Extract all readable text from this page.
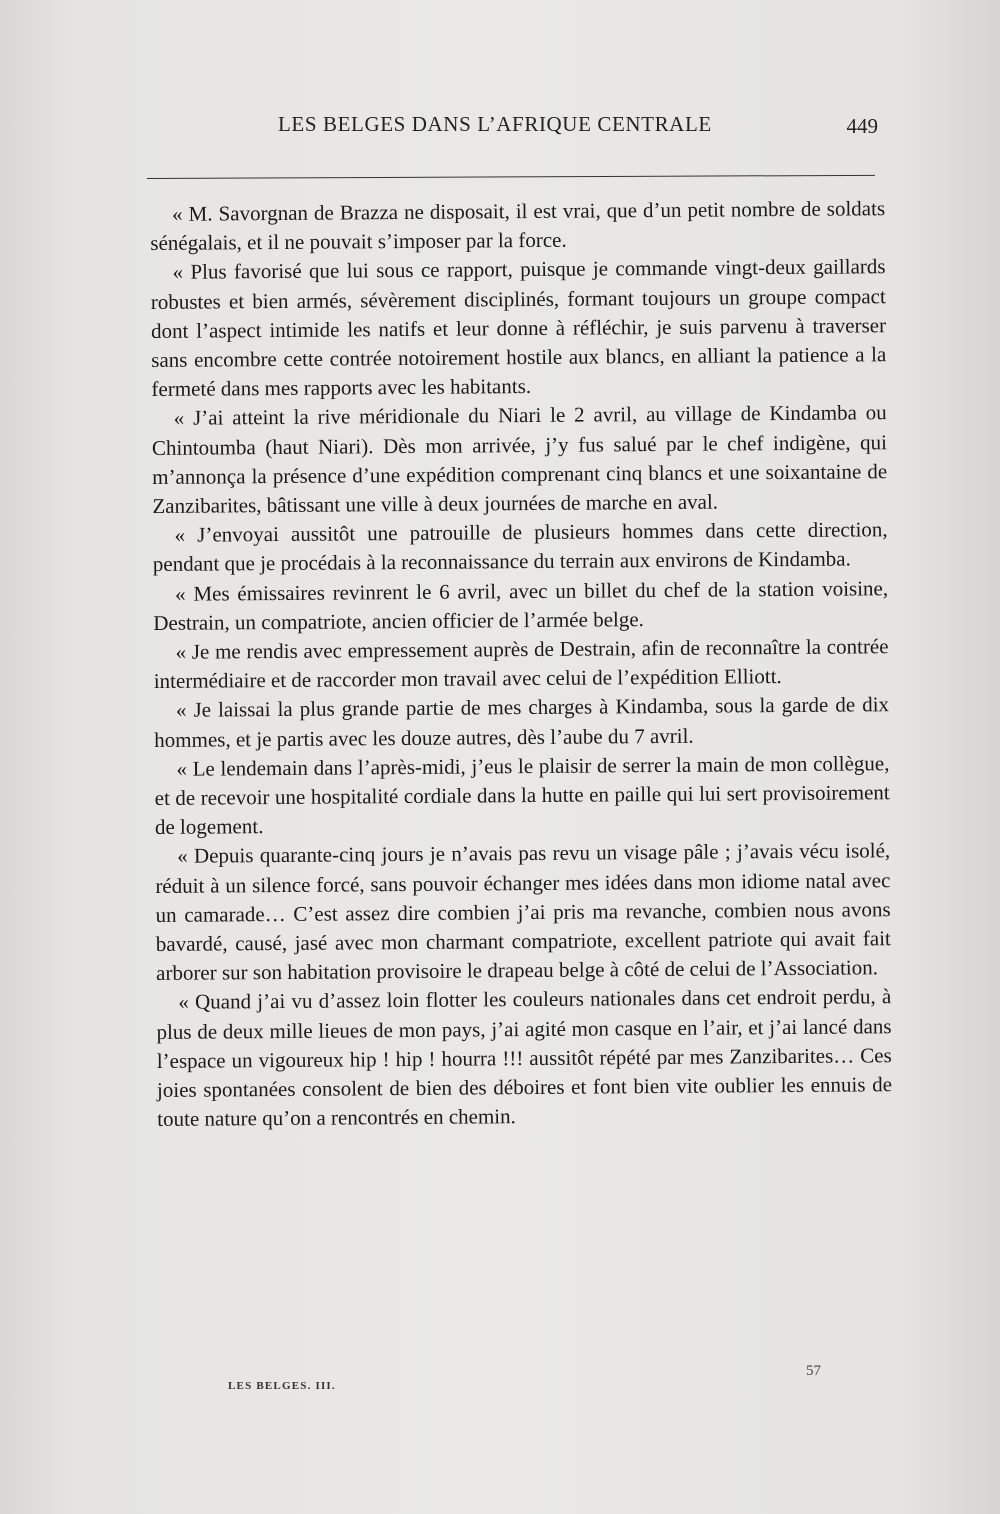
LES BELGES DANS L’AFRIQUE CENTRALE	449

« M. Savorgnan de Brazza ne disposait, il est vrai, que d’un petit nombre de soldats sénégalais, et il ne pouvait s’imposer par la force.

« Plus favorisé que lui sous ce rapport, puisque je commande vingt-deux gaillards robustes et bien armés, sévèrement disciplinés, formant toujours un groupe compact dont l’aspect intimide les natifs et leur donne à réfléchir, je suis parvenu à traverser sans encombre cette contrée notoirement hostile aux blancs, en alliant la patience a la fermeté dans mes rapports avec les habitants.

« J’ai atteint la rive méridionale du Niari le 2 avril, au village de Kindamba ou Chintoumba (haut Niari). Dès mon arrivée, j’y fus salué par le chef indigène, qui m’annonça la présence d’une expédition comprenant cinq blancs et une soixantaine de Zanzibarites, bâtissant une ville à deux journées de marche en aval.

« J’envoyai aussitôt une patrouille de plusieurs hommes dans cette direction, pendant que je procédais à la reconnaissance du terrain aux environs de Kindamba.

« Mes émissaires revinrent le 6 avril, avec un billet du chef de la station voisine, Destrain, un compatriote, ancien officier de l’armée belge.

« Je me rendis avec empressement auprès de Destrain, afin de reconnaître la contrée intermédiaire et de raccorder mon travail avec celui de l’expédition Elliott.

« Je laissai la plus grande partie de mes charges à Kindamba, sous la garde de dix hommes, et je partis avec les douze autres, dès l’aube du 7 avril.

« Le lendemain dans l’après-midi, j’eus le plaisir de serrer la main de mon collègue, et de recevoir une hospitalité cordiale dans la hutte en paille qui lui sert provisoirement de logement.

« Depuis quarante-cinq jours je n’avais pas revu un visage pâle ; j’avais vécu isolé, réduit à un silence forcé, sans pouvoir échanger mes idées dans mon idiome natal avec un camarade… C’est assez dire combien j’ai pris ma revanche, combien nous avons bavardé, causé, jasé avec mon charmant compatriote, excellent patriote qui avait fait arborer sur son habitation provisoire le drapeau belge à côté de celui de l’Association.

« Quand j’ai vu d’assez loin flotter les couleurs nationales dans cet endroit perdu, à plus de deux mille lieues de mon pays, j’ai agité mon casque en l’air, et j’ai lancé dans l’espace un vigoureux hip ! hip ! hourra !!! aussitôt répété par mes Zanzibarites… Ces joies spontanées consolent de bien des déboires et font bien vite oublier les ennuis de toute nature qu’on a rencontrés en chemin.

LES BELGES. III.
57
